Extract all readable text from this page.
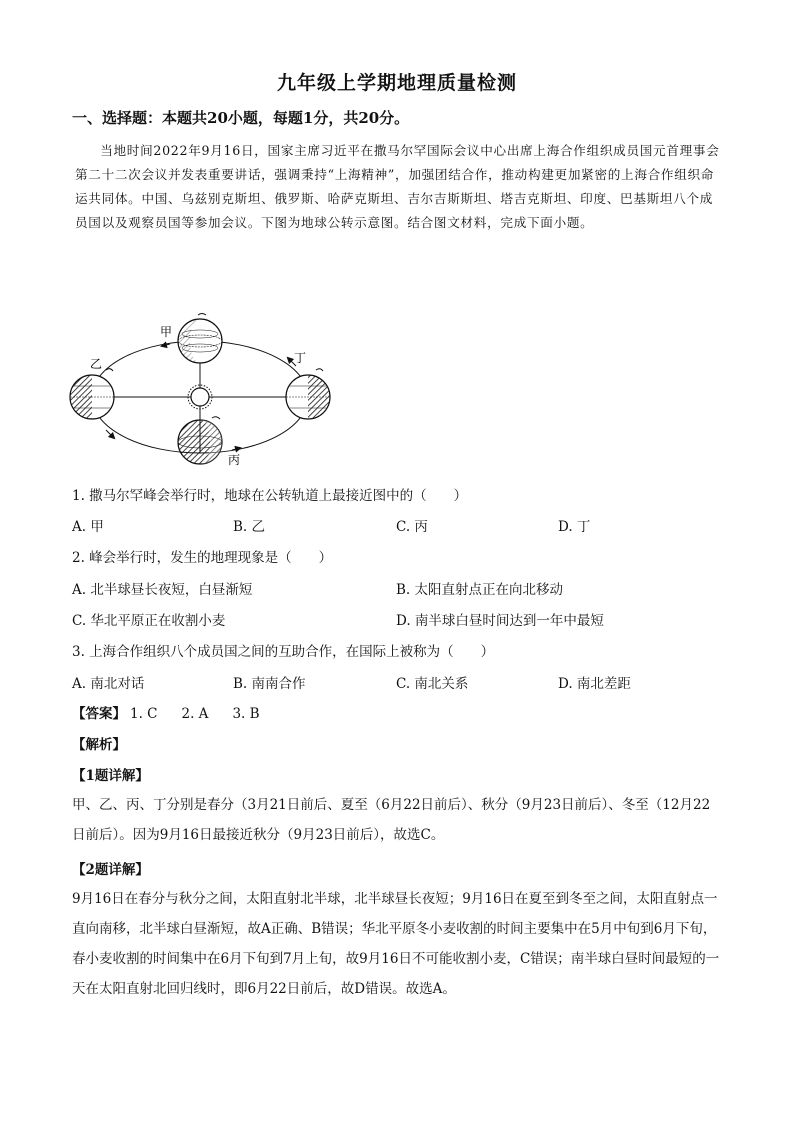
九年级上学期地理质量检测
一、选择题：本题共20小题，每题1分，共20分。
当地时间2022年9月16日，国家主席习近平在撒马尔罕国际会议中心出席上海合作组织成员国元首理事会第二十二次会议并发表重要讲话，强调秉持“上海精神”，加强团结合作，推动构建更加紧密的上海合作组织命运共同体。中国、乌兹别克斯坦、俄罗斯、哈萨克斯坦、吉尔吉斯斯坦、塔吉克斯坦、印度、巴基斯坦八个成员国以及观察员国等参加会议。下图为地球公转示意图。结合图文材料，完成下面小题。
甲
乙
丙
丁
1. 撒马尔罕峰会举行时，地球在公转轨道上最接近图中的（　　）
A. 甲	B. 乙	C. 丙	D. 丁
2. 峰会举行时，发生的地理现象是（　　）
A. 北半球昼长夜短，白昼渐短	B. 太阳直射点正在向北移动
C. 华北平原正在收割小麦	D. 南半球白昼时间达到一年中最短
3. 上海合作组织八个成员国之间的互助合作，在国际上被称为（　　）
A. 南北对话	B. 南南合作	C. 南北关系	D. 南北差距
【答案】 1. C 2. A 3. B
【解析】
【1题详解】
甲、乙、丙、丁分别是春分（3月21日前后、夏至（6月22日前后）、秋分（9月23日前后）、冬至（12月22日前后）。因为9月16日最接近秋分（9月23日前后），故选C。
【2题详解】
9月16日在春分与秋分之间，太阳直射北半球，北半球昼长夜短；9月16日在夏至到冬至之间，太阳直射点一直向南移，北半球白昼渐短，故A正确、B错误；华北平原冬小麦收割的时间主要集中在5月中旬到6月下旬，春小麦收割的时间集中在6月下旬到7月上旬，故9月16日不可能收割小麦，C错误；南半球白昼时间最短的一天在太阳直射北回归线时，即6月22日前后，故D错误。故选A。
